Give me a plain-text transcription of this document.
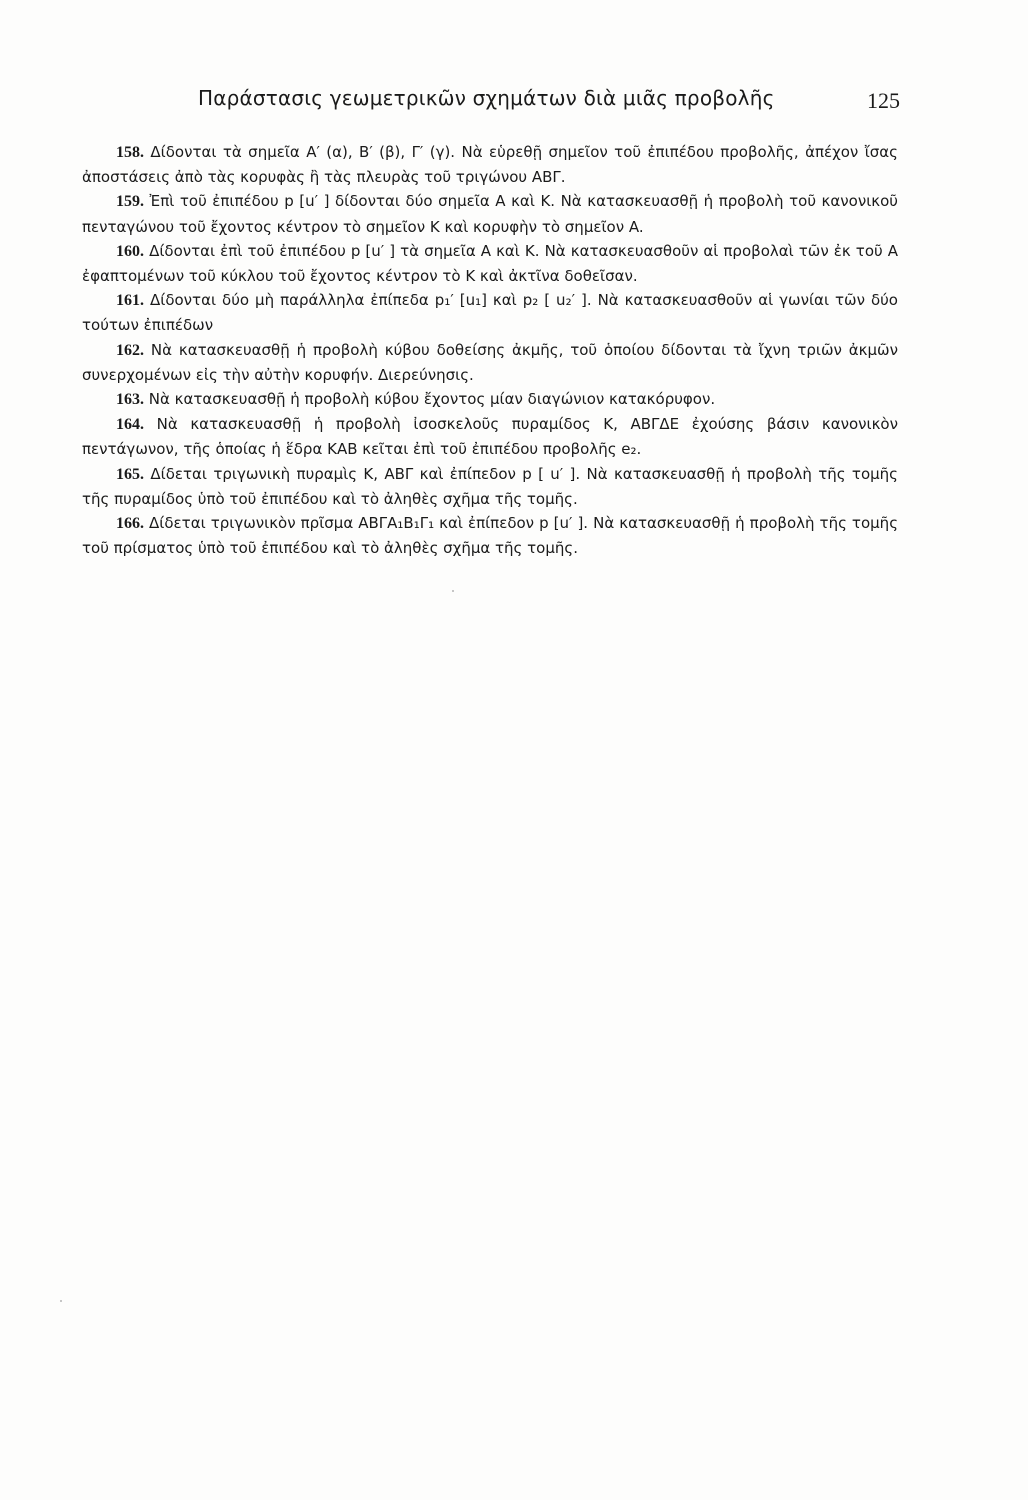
Παράστασις γεωμετρικῶν σχημάτων διὰ μιᾶς προβολῆς	125

158. Δίδονται τὰ σημεῖα A′ (α), B′ (β), Γ′ (γ). Νὰ εὑρεθῇ σημεῖον τοῦ ἐπιπέδου προβολῆς, ἀπέχον ἴσας ἀποστάσεις ἀπὸ τὰς κορυφὰς ἢ τὰς πλευρὰς τοῦ τριγώνου ΑΒΓ.

159. Ἐπὶ τοῦ ἐπιπέδου p [u′ ] δίδονται δύο σημεῖα A καὶ K. Νὰ κατασκευασθῇ ἡ προβολὴ τοῦ κανονικοῦ πενταγώνου τοῦ ἔχοντος κέντρον τὸ σημεῖον K καὶ κορυφὴν τὸ σημεῖον A.

160. Δίδονται ἐπὶ τοῦ ἐπιπέδου p [u′ ] τὰ σημεῖα A καὶ K. Νὰ κατασκευασθοῦν αἱ προβολαὶ τῶν ἐκ τοῦ A ἐφαπτομένων τοῦ κύκλου τοῦ ἔχοντος κέντρον τὸ K καὶ ἀκτῖνα δοθεῖσαν.

161. Δίδονται δύο μὴ παράλληλα ἐπίπεδα p₁′ [u₁] καὶ p₂ [ u₂′ ]. Νὰ κατασκευασθοῦν αἱ γωνίαι τῶν δύο τούτων ἐπιπέδων

162. Νὰ κατασκευασθῇ ἡ προβολὴ κύβου δοθείσης ἀκμῆς, τοῦ ὁποίου δίδονται τὰ ἴχνη τριῶν ἀκμῶν συνερχομένων εἰς τὴν αὐτὴν κορυφήν. Διερεύνησις.

163. Νὰ κατασκευασθῇ ἡ προβολὴ κύβου ἔχοντος μίαν διαγώνιον κατακόρυφον.

164. Νὰ κατασκευασθῇ ἡ προβολὴ ἰσοσκελοῦς πυραμίδος K, ΑΒΓΔΕ ἐχούσης βάσιν κανονικὸν πεντάγωνον, τῆς ὁποίας ἡ ἕδρα ΚΑΒ κεῖται ἐπὶ τοῦ ἐπιπέδου προβολῆς e₂.

165. Δίδεται τριγωνικὴ πυραμὶς K, ΑΒΓ καὶ ἐπίπεδον p [ u′ ]. Νὰ κατασκευασθῇ ἡ προβολὴ τῆς τομῆς τῆς πυραμίδος ὑπὸ τοῦ ἐπιπέδου καὶ τὸ ἀληθὲς σχῆμα τῆς τομῆς.

166. Δίδεται τριγωνικὸν πρῖσμα ΑΒΓA₁B₁Γ₁ καὶ ἐπίπεδον p [u′ ]. Νὰ κατασκευασθῇ ἡ προβολὴ τῆς τομῆς τοῦ πρίσματος ὑπὸ τοῦ ἐπιπέδου καὶ τὸ ἀληθὲς σχῆμα τῆς τομῆς.
